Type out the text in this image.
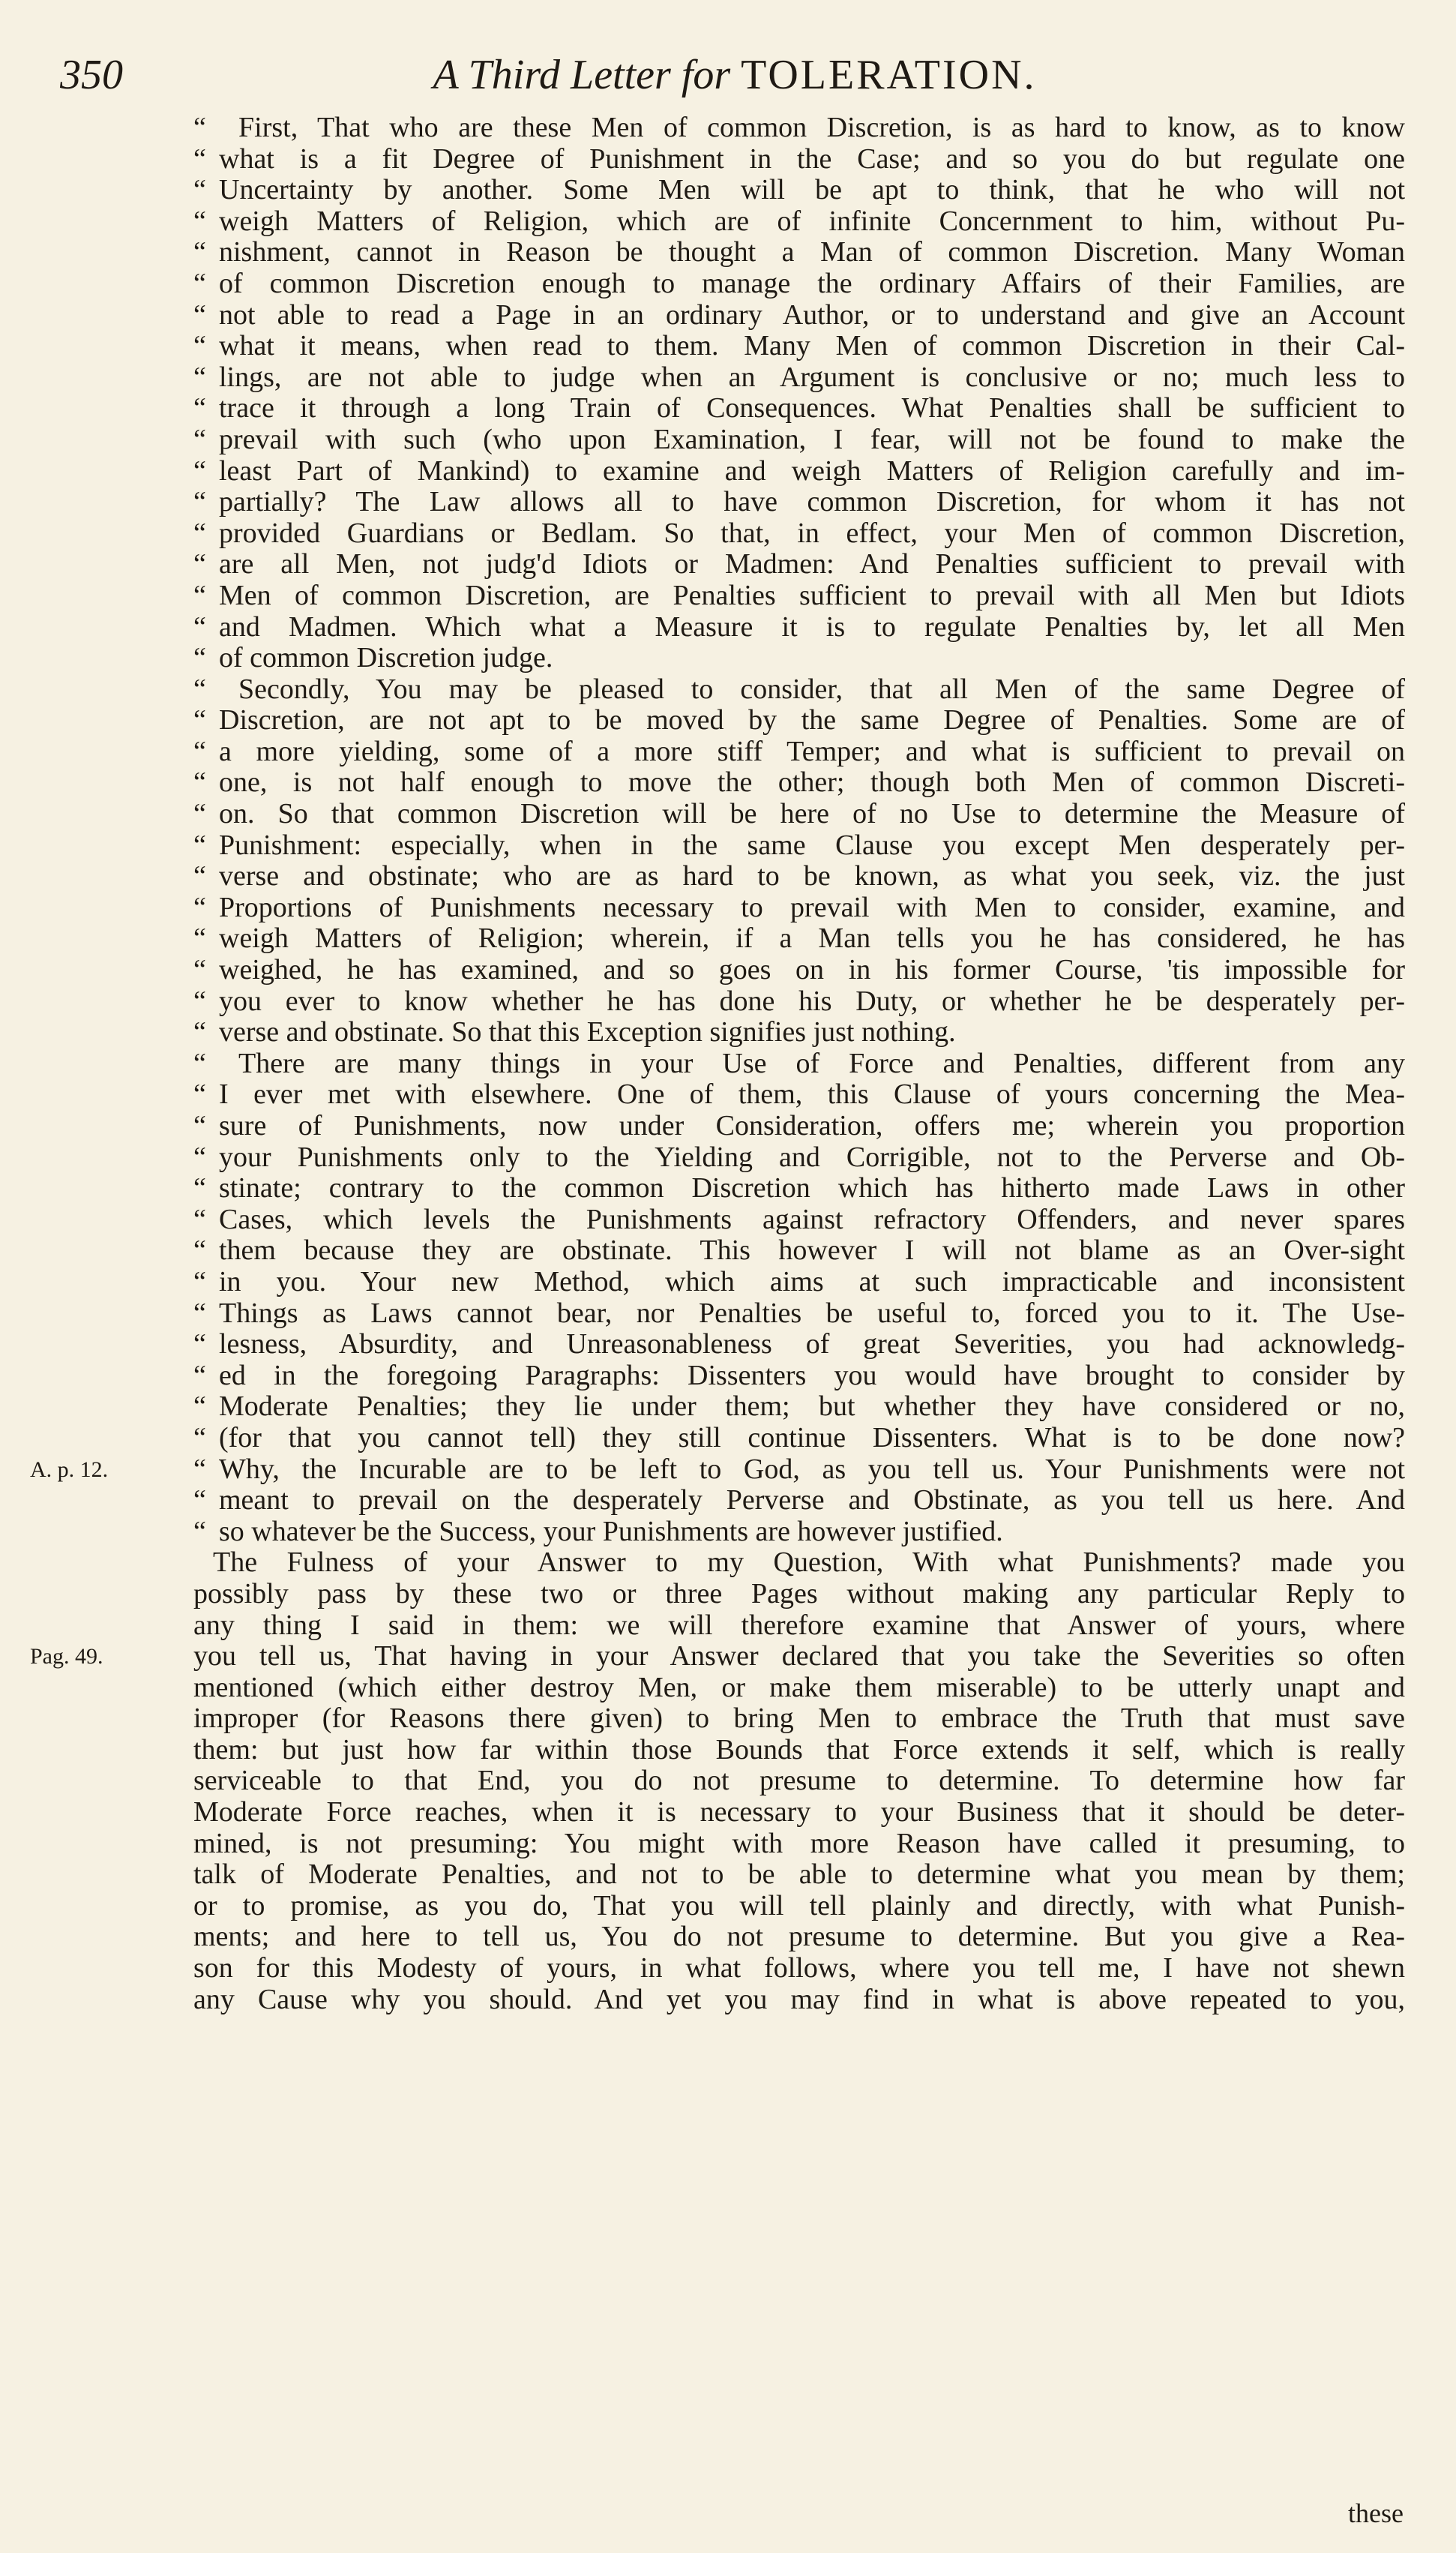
350	A Third Letter for TOLERATION.
“	First, That who are these Men of common Discretion, is as hard to know, as to know
“ what is a fit Degree of Punishment in the Case; and so you do but regulate one
“ Uncertainty by another. Some Men will be apt to think, that he who will not
“ weigh Matters of Religion, which are of infinite Concernment to him, without Pu-
“ nishment, cannot in Reason be thought a Man of common Discretion. Many Woman
“ of common Discretion enough to manage the ordinary Affairs of their Families, are
“ not able to read a Page in an ordinary Author, or to understand and give an Account
“ what it means, when read to them. Many Men of common Discretion in their Cal-
“ lings, are not able to judge when an Argument is conclusive or no; much less to
“ trace it through a long Train of Consequences. What Penalties shall be sufficient to
“ prevail with such (who upon Examination, I fear, will not be found to make the
“ least Part of Mankind) to examine and weigh Matters of Religion carefully and im-
“ partially? The Law allows all to have common Discretion, for whom it has not
“ provided Guardians or Bedlam. So that, in effect, your Men of common Discretion,
“ are all Men, not judg'd Idiots or Madmen: And Penalties sufficient to prevail with
“ Men of common Discretion, are Penalties sufficient to prevail with all Men but Idiots
“ and Madmen. Which what a Measure it is to regulate Penalties by, let all Men
“ of common Discretion judge.
“	Secondly, You may be pleased to consider, that all Men of the same Degree of
“ Discretion, are not apt to be moved by the same Degree of Penalties. Some are of
“ a more yielding, some of a more stiff Temper; and what is sufficient to prevail on
“ one, is not half enough to move the other; though both Men of common Discreti-
“ on. So that common Discretion will be here of no Use to determine the Measure of
“ Punishment: especially, when in the same Clause you except Men desperately per-
“ verse and obstinate; who are as hard to be known, as what you seek, viz. the just
“ Proportions of Punishments necessary to prevail with Men to consider, examine, and
“ weigh Matters of Religion; wherein, if a Man tells you he has considered, he has
“ weighed, he has examined, and so goes on in his former Course, 'tis impossible for
“ you ever to know whether he has done his Duty, or whether he be desperately per-
“ verse and obstinate. So that this Exception signifies just nothing.
“	There are many things in your Use of Force and Penalties, different from any
“ I ever met with elsewhere. One of them, this Clause of yours concerning the Mea-
“ sure of Punishments, now under Consideration, offers me; wherein you proportion
“ your Punishments only to the Yielding and Corrigible, not to the Perverse and Ob-
“ stinate; contrary to the common Discretion which has hitherto made Laws in other
“ Cases, which levels the Punishments against refractory Offenders, and never spares
“ them because they are obstinate. This however I will not blame as an Over-sight
“ in you. Your new Method, which aims at such impracticable and inconsistent
“ Things as Laws cannot bear, nor Penalties be useful to, forced you to it. The Use-
“ lesness, Absurdity, and Unreasonableness of great Severities, you had acknowledg-
“ ed in the foregoing Paragraphs: Dissenters you would have brought to consider by
“ Moderate Penalties; they lie under them; but whether they have considered or no,
“ (for that you cannot tell) they still continue Dissenters. What is to be done now?
A. p. 12.	“ Why, the Incurable are to be left to God, as you tell us. Your Punishments were not
“ meant to prevail on the desperately Perverse and Obstinate, as you tell us here. And
“ so whatever be the Success, your Punishments are however justified.
The Fulness of your Answer to my Question, With what Punishments? made you
possibly pass by these two or three Pages without making any particular Reply to
any thing I said in them: we will therefore examine that Answer of yours, where
Pag. 49.	you tell us, That having in your Answer declared that you take the Severities so often
mentioned (which either destroy Men, or make them miserable) to be utterly unapt and
improper (for Reasons there given) to bring Men to embrace the Truth that must save
them: but just how far within those Bounds that Force extends it self, which is really
serviceable to that End, you do not presume to determine. To determine how far
Moderate Force reaches, when it is necessary to your Business that it should be deter-
mined, is not presuming: You might with more Reason have called it presuming, to
talk of Moderate Penalties, and not to be able to determine what you mean by them;
or to promise, as you do, That you will tell plainly and directly, with what Punish-
ments; and here to tell us, You do not presume to determine. But you give a Rea-
son for this Modesty of yours, in what follows, where you tell me, I have not shewn
any Cause why you should. And yet you may find in what is above repeated to you,
these
